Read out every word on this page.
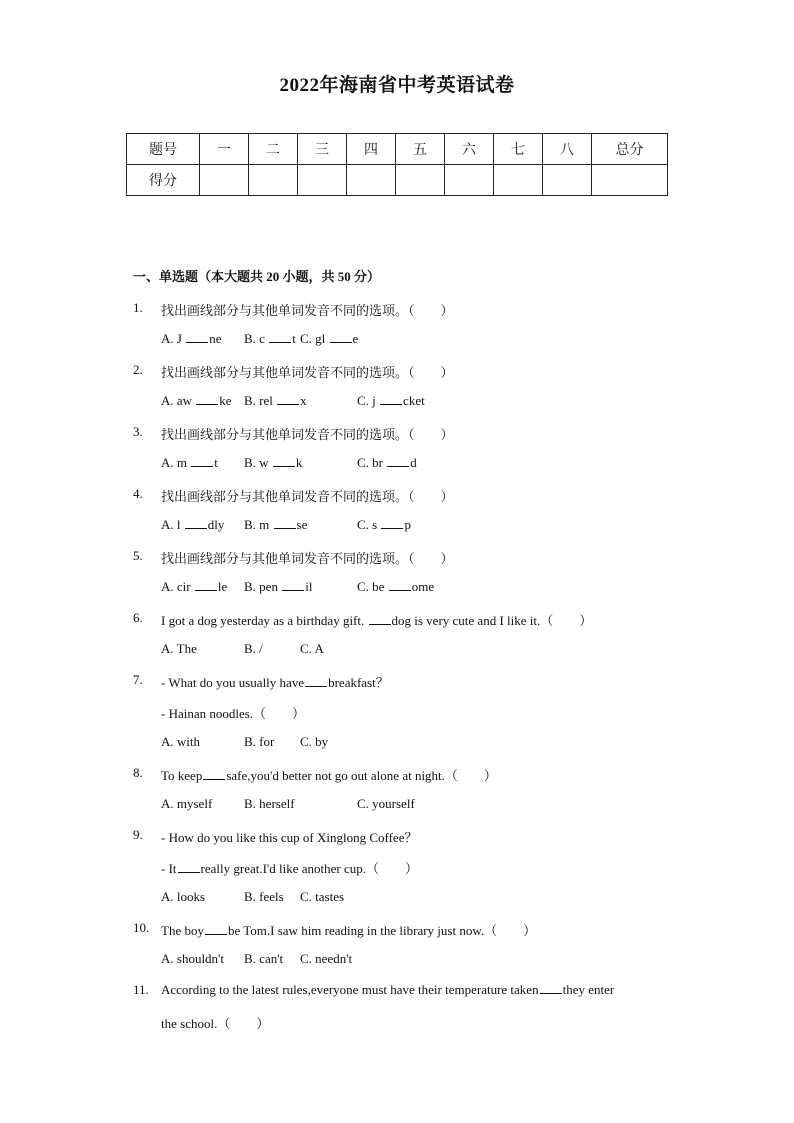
2022年海南省中考英语试卷
题号	一	二	三	四	五	六	七	八	总分
得分									
一、单选题（本大题共 20 小题，共 50 分）
1. 找出画线部分与其他单词发音不同的选项。（　　）
A. J ne B. c t C. gl e
2. 找出画线部分与其他单词发音不同的选项。（　　）
A. aw ke B. rel x	C. j cket
3. 找出画线部分与其他单词发音不同的选项。（　　）
A. m t B. w k	C. br d
4. 找出画线部分与其他单词发音不同的选项。（　　）
A. l dly B. m se	C. s p
5. 找出画线部分与其他单词发音不同的选项。（　　）
A. cir le B. pen il	C. be ome
6. I got a dog yesterday as a birthday gift. dog is very cute and I like it.（　　）
A. The	B. /	C. A
7. - What do you usually have breakfast？
- Hainan noodles.（　　）
A. with	B. for C. by
8. To keep safe,you'd better not go out alone at night.（　　）
A. myself B. herself	C. yourself
9. - How do you like this cup of Xinglong Coffee？
- It really great.I'd like another cup.（　　）
A. looks	B. feels C. tastes
10. The boy be Tom.I saw him reading in the library just now.（　　）
A. shouldn't B. can't C. needn't
11. According to the latest rules,everyone must have their temperature taken they enter
the school.（　　）
